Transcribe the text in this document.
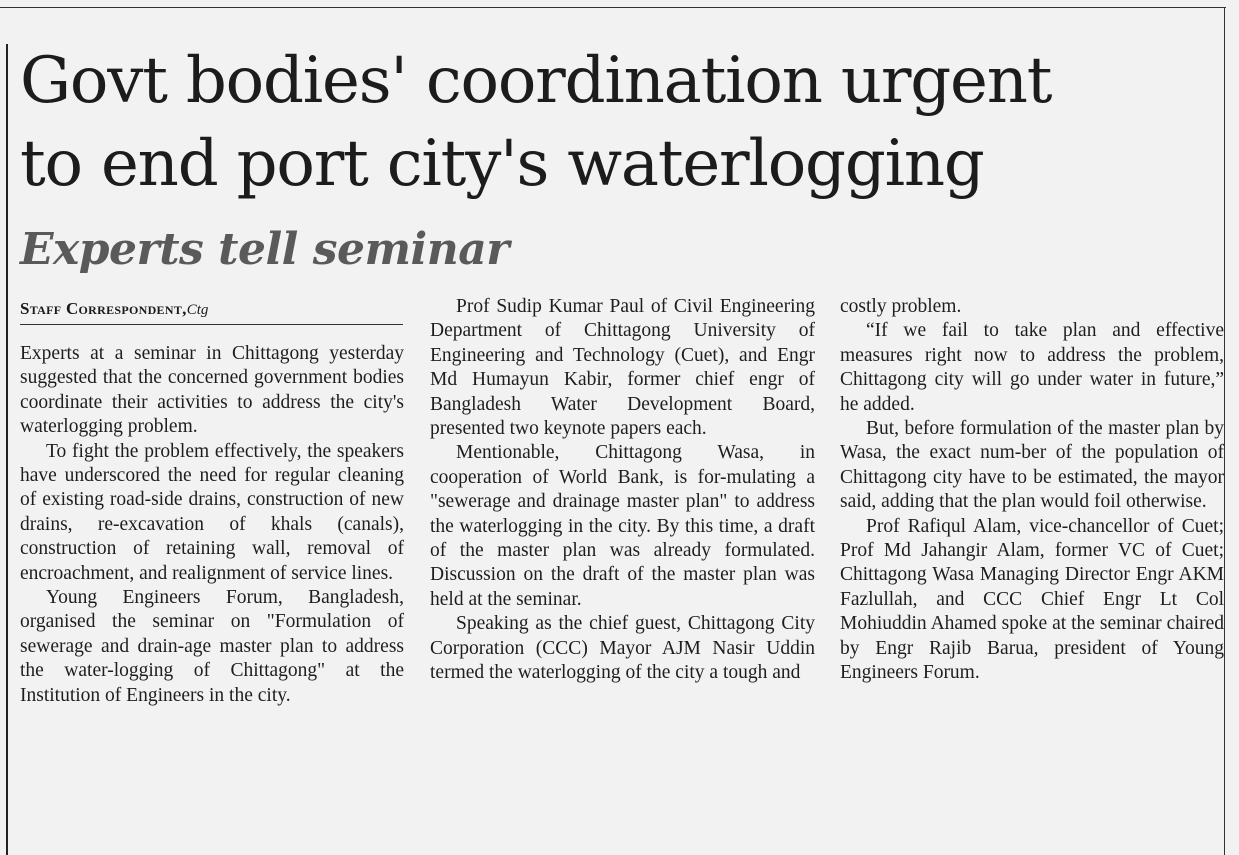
Govt bodies' coordination urgent
to end port city's waterlogging
Experts tell seminar
Staff Correspondent,Ctg

Experts at a seminar in Chittagong yesterday suggested that the concerned government bodies coordinate their activities to address the city's waterlogging problem.

To fight the problem effectively, the speakers have underscored the need for regular cleaning of existing road-side drains, construction of new drains, re-excavation of khals (canals), construction of retaining wall, removal of encroachment, and realignment of service lines.

Young Engineers Forum, Bangladesh, organised the seminar on "Formulation of sewerage and drain-age master plan to address the water-logging of Chittagong" at the Institution of Engineers in the city.

Prof Sudip Kumar Paul of Civil Engineering Department of Chittagong University of Engineering and Technology (Cuet), and Engr Md Humayun Kabir, former chief engr of Bangladesh Water Development Board, presented two keynote papers each.

Mentionable, Chittagong Wasa, in cooperation of World Bank, is for-mulating a "sewerage and drainage master plan" to address the waterlogging in the city. By this time, a draft of the master plan was already formulated. Discussion on the draft of the master plan was held at the seminar.

Speaking as the chief guest, Chittagong City Corporation (CCC) Mayor AJM Nasir Uddin termed the waterlogging of the city a tough and

costly problem.

“If we fail to take plan and effective measures right now to address the problem, Chittagong city will go under water in future,” he added.

But, before formulation of the master plan by Wasa, the exact num-ber of the population of Chittagong city have to be estimated, the mayor said, adding that the plan would foil otherwise.

Prof Rafiqul Alam, vice-chancellor of Cuet; Prof Md Jahangir Alam, former VC of Cuet; Chittagong Wasa Managing Director Engr AKM Fazlullah, and CCC Chief Engr Lt Col Mohiuddin Ahamed spoke at the seminar chaired by Engr Rajib Barua, president of Young Engineers Forum.
